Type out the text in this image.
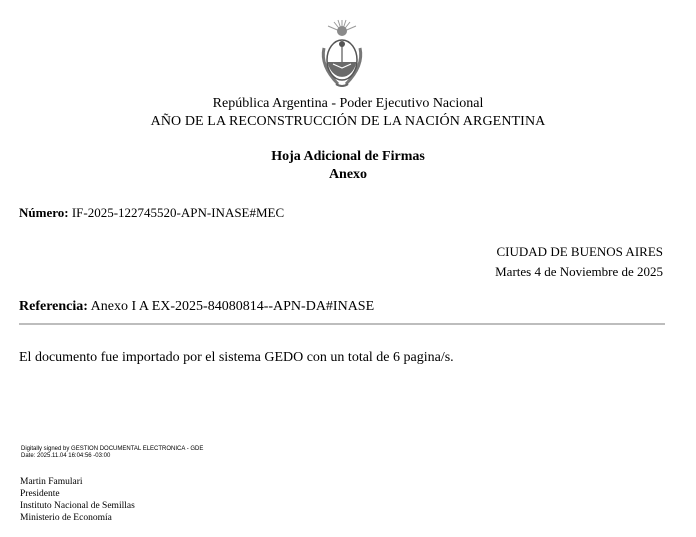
República Argentina - Poder Ejecutivo Nacional
AÑO DE LA RECONSTRUCCIÓN DE LA NACIÓN ARGENTINA
Hoja Adicional de Firmas
Anexo
Número: IF-2025-122745520-APN-INASE#MEC
CIUDAD DE BUENOS AIRES
Martes 4 de Noviembre de 2025
Referencia: Anexo I A EX-2025-84080814--APN-DA#INASE
El documento fue importado por el sistema GEDO con un total de 6 pagina/s.
Digitally signed by GESTION DOCUMENTAL ELECTRONICA - GDE
Date: 2025.11.04 16:04:56 -03:00
Martin Famulari
Presidente
Instituto Nacional de Semillas
Ministerio de Economía
